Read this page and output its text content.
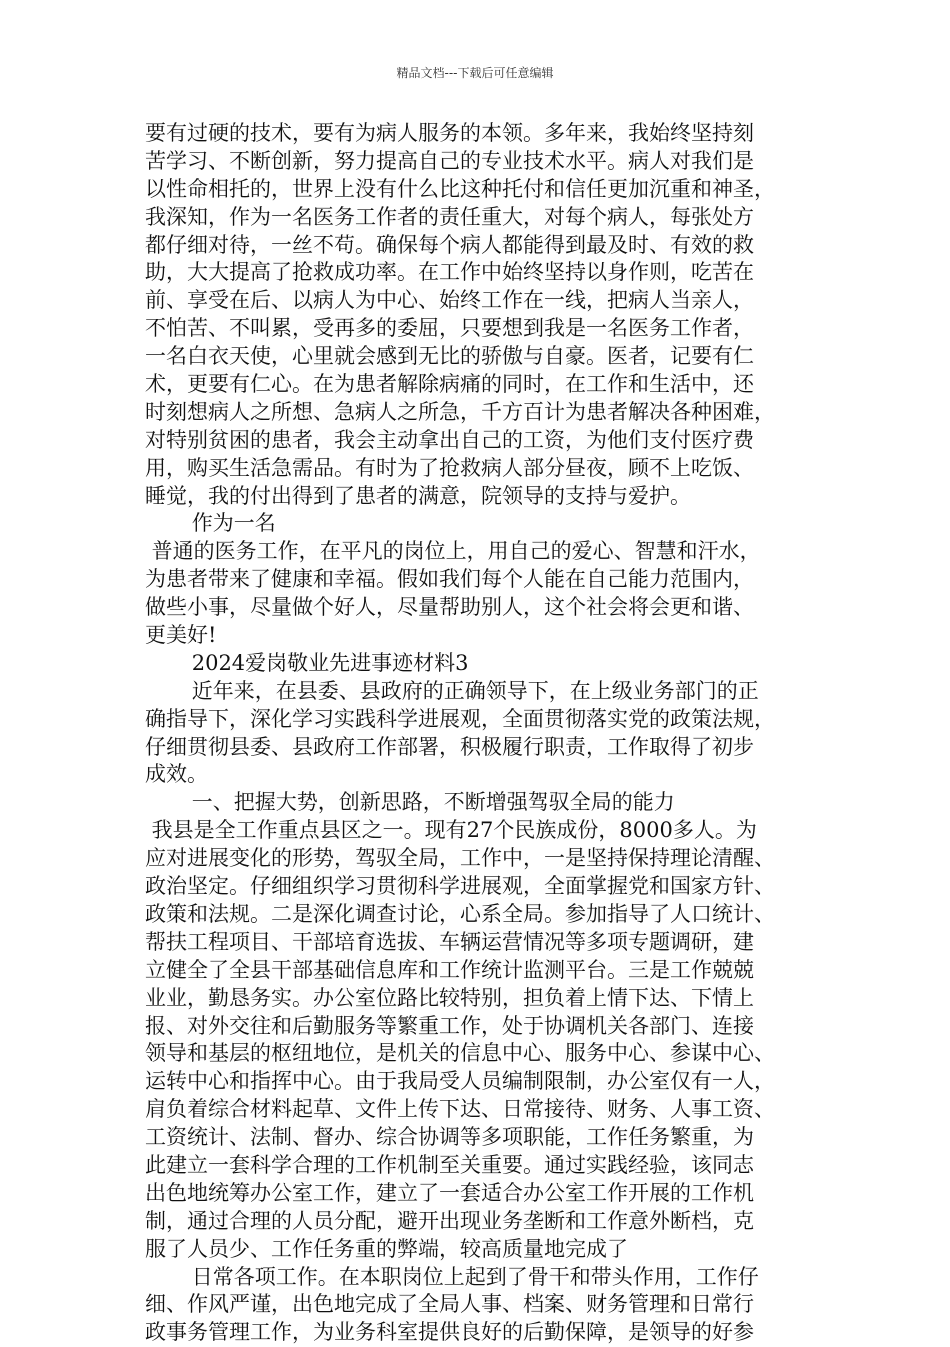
精品文档---下载后可任意编辑
要有过硬的技术，要有为病人服务的本领。多年来，我始终坚持刻
苦学习、不断创新，努力提高自己的专业技术水平。病人对我们是
以性命相托的，世界上没有什么比这种托付和信任更加沉重和神圣，
我深知，作为一名医务工作者的责任重大，对每个病人，每张处方
都仔细对待，一丝不苟。确保每个病人都能得到最及时、有效的救
助，大大提高了抢救成功率。在工作中始终坚持以身作则，吃苦在
前、享受在后、以病人为中心、始终工作在一线，把病人当亲人，
不怕苦、不叫累，受再多的委屈，只要想到我是一名医务工作者，
一名白衣天使，心里就会感到无比的骄傲与自豪。医者，记要有仁
术，更要有仁心。在为患者解除病痛的同时，在工作和生活中，还
时刻想病人之所想、急病人之所急，千方百计为患者解决各种困难，
对特别贫困的患者，我会主动拿出自己的工资，为他们支付医疗费
用，购买生活急需品。有时为了抢救病人部分昼夜，顾不上吃饭、
睡觉，我的付出得到了患者的满意，院领导的支持与爱护。
作为一名
普通的医务工作，在平凡的岗位上，用自己的爱心、智慧和汗水，
为患者带来了健康和幸福。假如我们每个人能在自己能力范围内，
做些小事，尽量做个好人，尽量帮助别人，这个社会将会更和谐、
更美好!
2024爱岗敬业先进事迹材料3
近年来，在县委、县政府的正确领导下，在上级业务部门的正
确指导下，深化学习实践科学进展观，全面贯彻落实党的政策法规，
仔细贯彻县委、县政府工作部署，积极履行职责，工作取得了初步
成效。
一、把握大势，创新思路，不断增强驾驭全局的能力
我县是全工作重点县区之一。现有27个民族成份，8000多人。为
应对进展变化的形势，驾驭全局，工作中，一是坚持保持理论清醒、
政治坚定。仔细组织学习贯彻科学进展观，全面掌握党和国家方针、
政策和法规。二是深化调查讨论，心系全局。参加指导了人口统计、
帮扶工程项目、干部培育选拔、车辆运营情况等多项专题调研，建
立健全了全县干部基础信息库和工作统计监测平台。三是工作兢兢
业业，勤恳务实。办公室位路比较特别，担负着上情下达、下情上
报、对外交往和后勤服务等繁重工作，处于协调机关各部门、连接
领导和基层的枢纽地位，是机关的信息中心、服务中心、参谋中心、
运转中心和指挥中心。由于我局受人员编制限制，办公室仅有一人，
肩负着综合材料起草、文件上传下达、日常接待、财务、人事工资、
工资统计、法制、督办、综合协调等多项职能，工作任务繁重，为
此建立一套科学合理的工作机制至关重要。通过实践经验，该同志
出色地统筹办公室工作，建立了一套适合办公室工作开展的工作机
制，通过合理的人员分配，避开出现业务垄断和工作意外断档，克
服了人员少、工作任务重的弊端，较高质量地完成了
日常各项工作。在本职岗位上起到了骨干和带头作用，工作仔
细、作风严谨，出色地完成了全局人事、档案、财务管理和日常行
政事务管理工作，为业务科室提供良好的后勤保障，是领导的好参
